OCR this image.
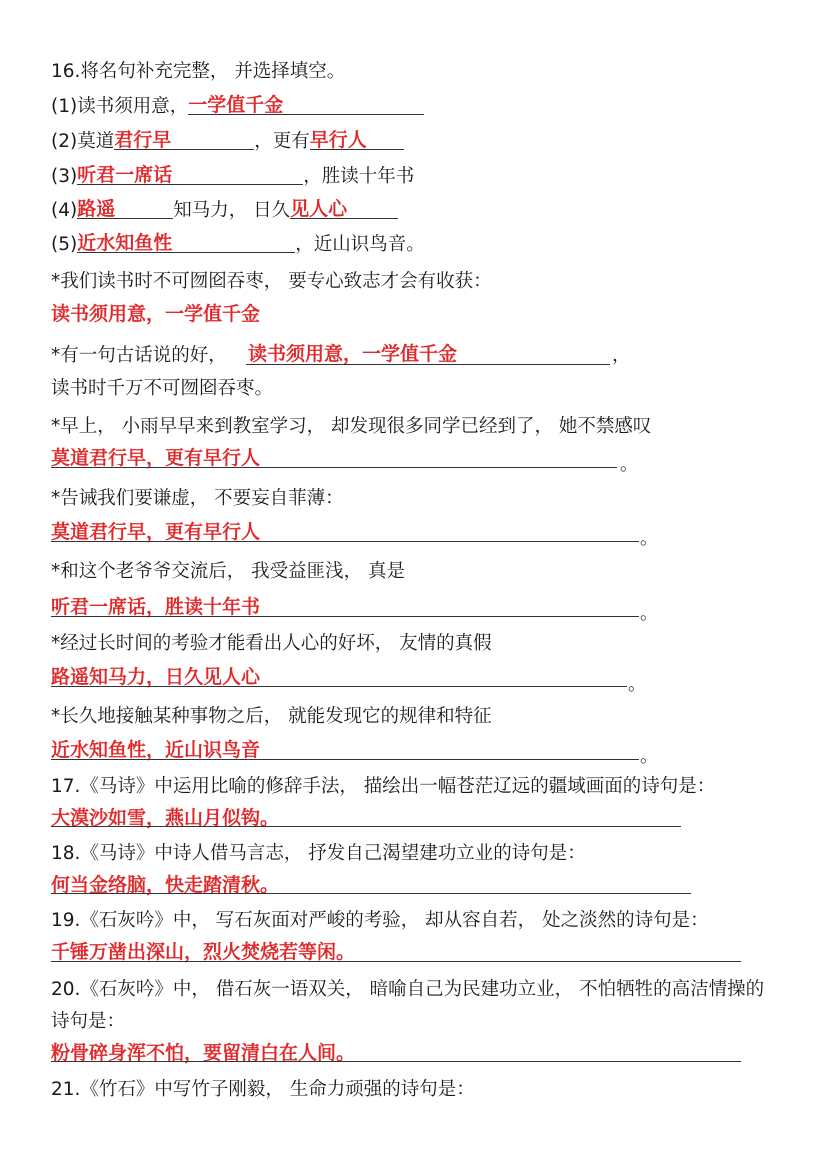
16.将名句补充完整， 并选择填空。
(1)读书须用意， 一学值千金
(2)莫道 君行早	，更有 早行人
(3) 听君一席话	，胜读十年书
(4) 路遥	知马力， 日久 见人心
(5) 近水知鱼性	，近山识鸟音。
*我们读书时不可囫囵吞枣， 要专心致志才会有收获：
读书须用意，一学值千金
*有一句古话说的好， 读书须用意，一学值千金	，
读书时千万不可囫囵吞枣。
*早上， 小雨早早来到教室学习， 却发现很多同学已经到了， 她不禁感叹
莫道君行早，更有早行人	。
*告诫我们要谦虚， 不要妄自菲薄：
莫道君行早，更有早行人	。
*和这个老爷爷交流后， 我受益匪浅， 真是
听君一席话，胜读十年书	。
*经过长时间的考验才能看出人心的好坏， 友情的真假
路遥知马力，日久见人心	。
*长久地接触某种事物之后， 就能发现它的规律和特征
近水知鱼性，近山识鸟音	。
17.《马诗》中运用比喻的修辞手法， 描绘出一幅苍茫辽远的疆域画面的诗句是：
大漠沙如雪，燕山月似钩。
18.《马诗》中诗人借马言志， 抒发自己渴望建功立业的诗句是：
何当金络脑，快走踏清秋。
19.《石灰吟》中， 写石灰面对严峻的考验， 却从容自若， 处之淡然的诗句是：
千锤万凿出深山，烈火焚烧若等闲。
20.《石灰吟》中， 借石灰一语双关， 暗喻自己为民建功立业， 不怕牺牲的高洁情操的
诗句是：
粉骨碎身浑不怕，要留清白在人间。
21.《竹石》中写竹子刚毅， 生命力顽强的诗句是：
